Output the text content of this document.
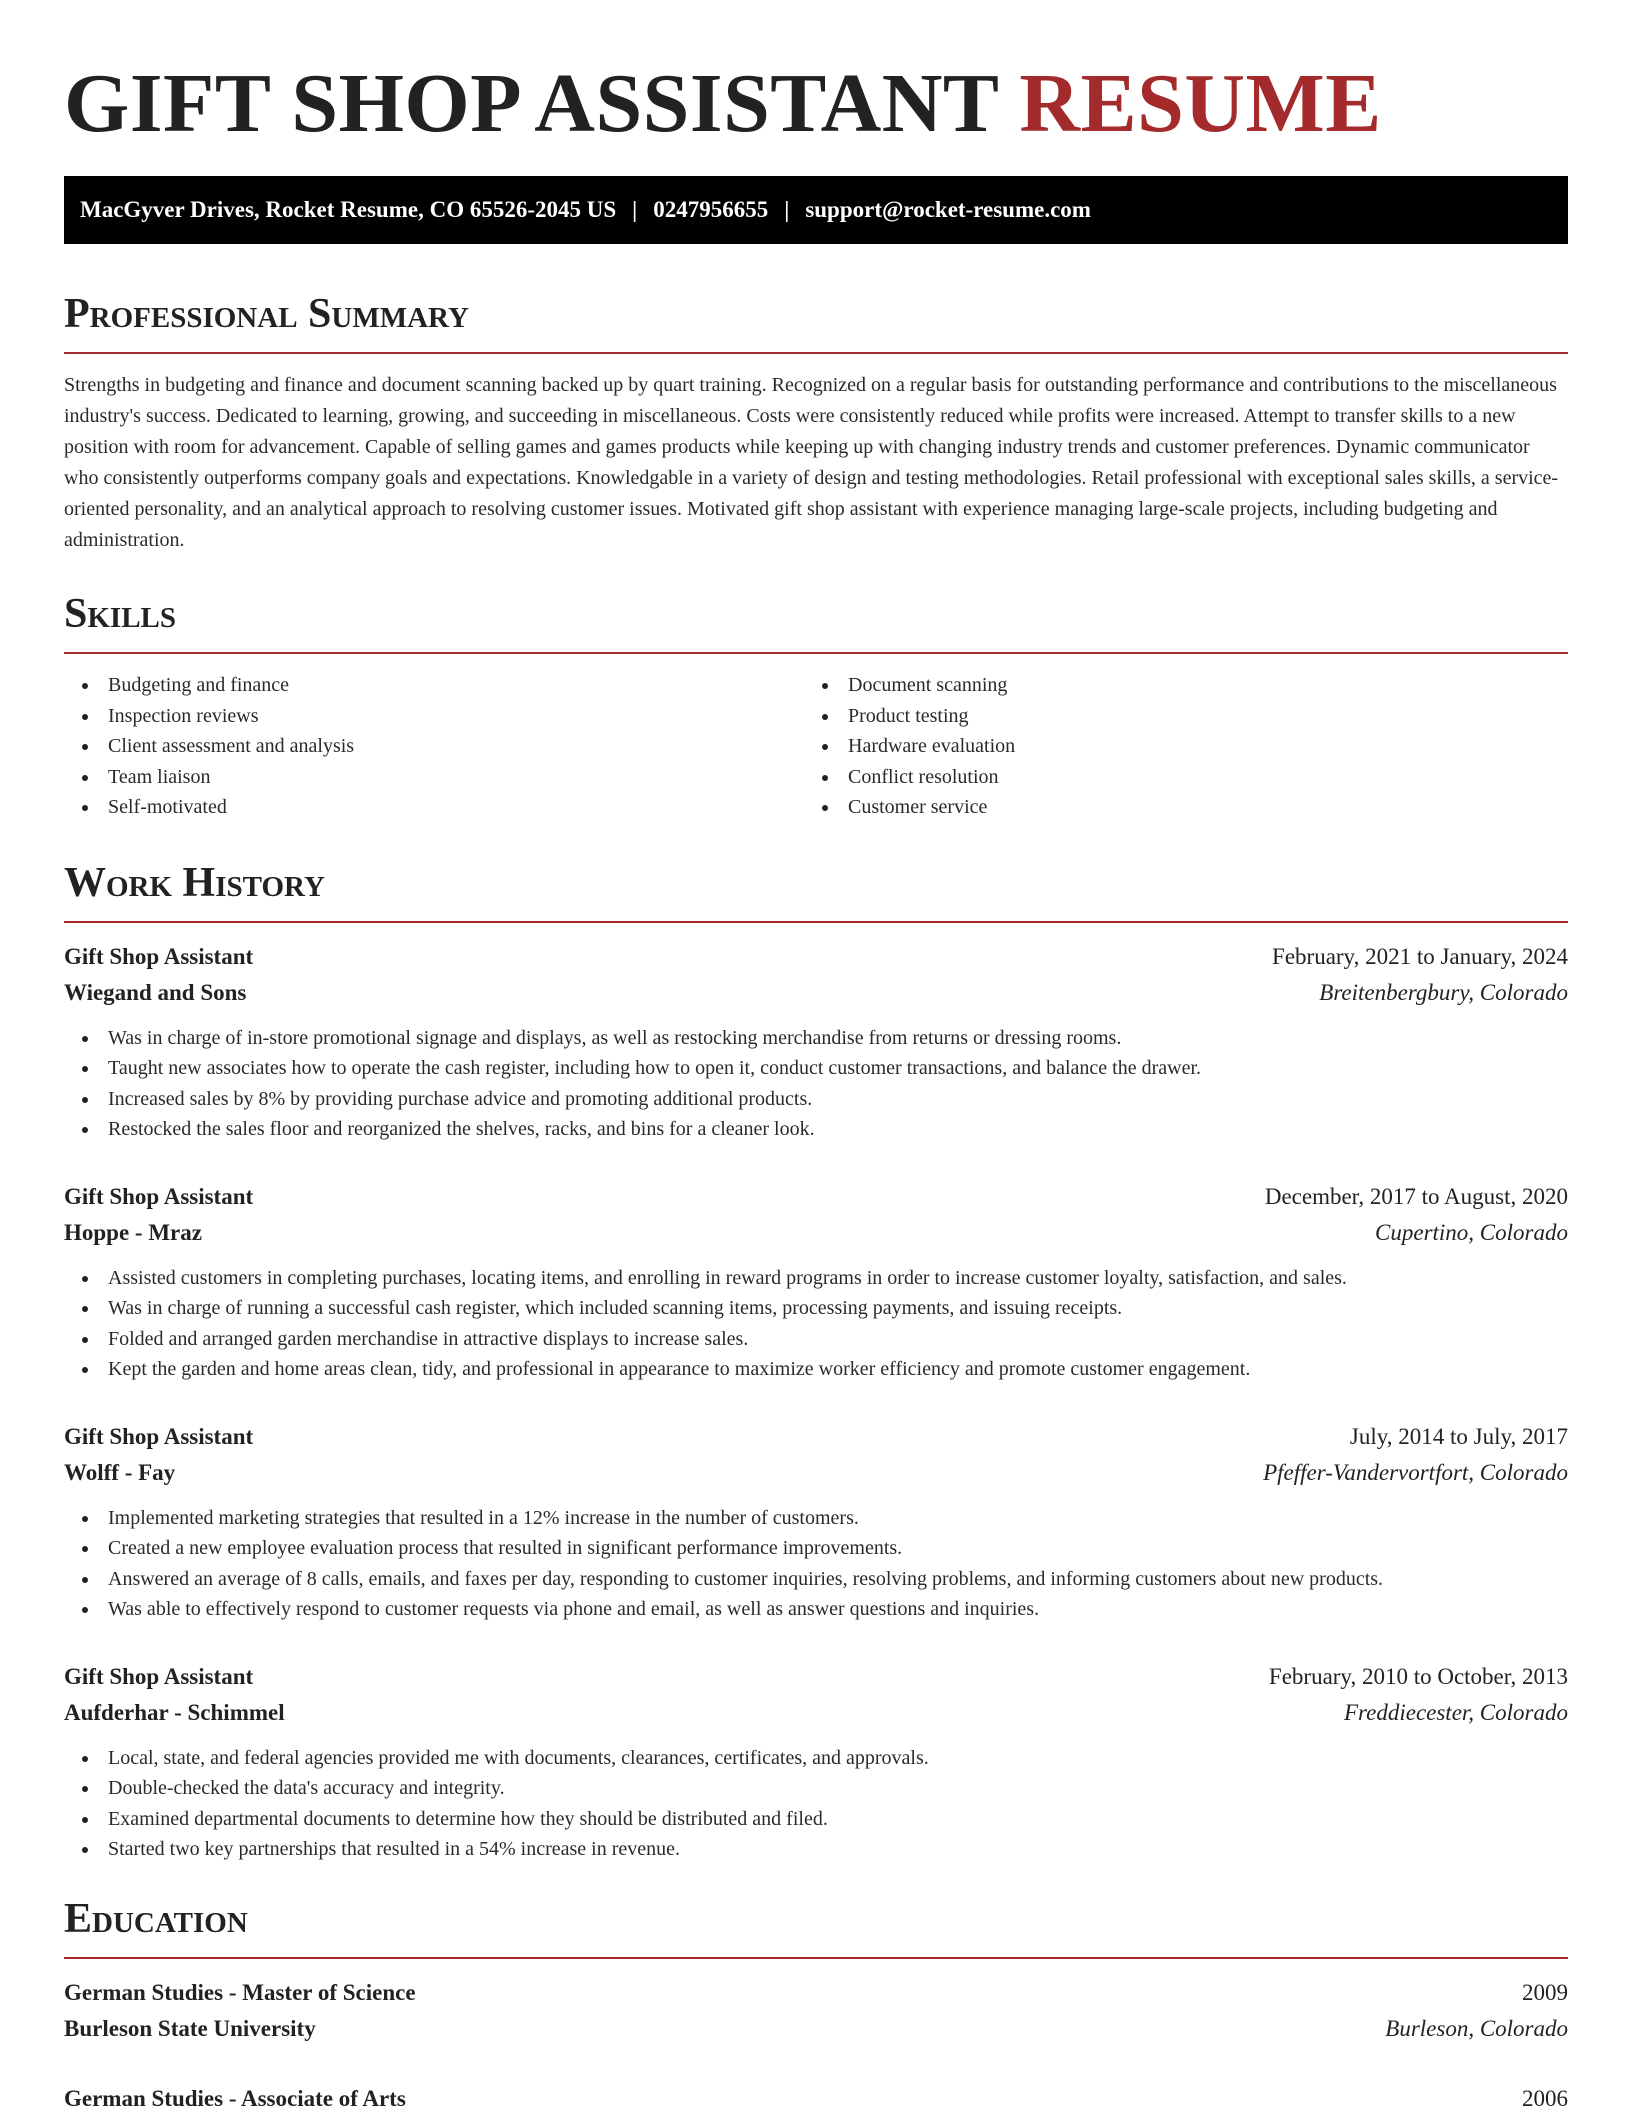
GIFT SHOP ASSISTANT RESUME
MacGyver Drives, Rocket Resume, CO 65526-2045 US | 0247956655 | support@rocket-resume.com
Professional Summary

Strengths in budgeting and finance and document scanning backed up by quart training. Recognized on a regular basis for outstanding performance and contributions to the miscellaneous industry's success. Dedicated to learning, growing, and succeeding in miscellaneous. Costs were consistently reduced while profits were increased. Attempt to transfer skills to a new position with room for advancement. Capable of selling games and games products while keeping up with changing industry trends and customer preferences. Dynamic communicator who consistently outperforms company goals and expectations. Knowledgable in a variety of design and testing methodologies. Retail professional with exceptional sales skills, a service-oriented personality, and an analytical approach to resolving customer issues. Motivated gift shop assistant with experience managing large-scale projects, including budgeting and administration.

Skills
Budgeting and finance
Inspection reviews
Client assessment and analysis
Team liaison
Self-motivated
Document scanning
Product testing
Hardware evaluation
Conflict resolution
Customer service
Work History
Gift Shop Assistant	February, 2021 to January, 2024
Wiegand and Sons	Breitenbergbury, Colorado
Was in charge of in-store promotional signage and displays, as well as restocking merchandise from returns or dressing rooms.
Taught new associates how to operate the cash register, including how to open it, conduct customer transactions, and balance the drawer.
Increased sales by 8% by providing purchase advice and promoting additional products.
Restocked the sales floor and reorganized the shelves, racks, and bins for a cleaner look.
Gift Shop Assistant	December, 2017 to August, 2020
Hoppe - Mraz	Cupertino, Colorado
Assisted customers in completing purchases, locating items, and enrolling in reward programs in order to increase customer loyalty, satisfaction, and sales.
Was in charge of running a successful cash register, which included scanning items, processing payments, and issuing receipts.
Folded and arranged garden merchandise in attractive displays to increase sales.
Kept the garden and home areas clean, tidy, and professional in appearance to maximize worker efficiency and promote customer engagement.
Gift Shop Assistant	July, 2014 to July, 2017
Wolff - Fay	Pfeffer-Vandervortfort, Colorado
Implemented marketing strategies that resulted in a 12% increase in the number of customers.
Created a new employee evaluation process that resulted in significant performance improvements.
Answered an average of 8 calls, emails, and faxes per day, responding to customer inquiries, resolving problems, and informing customers about new products.
Was able to effectively respond to customer requests via phone and email, as well as answer questions and inquiries.
Gift Shop Assistant	February, 2010 to October, 2013
Aufderhar - Schimmel	Freddiecester, Colorado
Local, state, and federal agencies provided me with documents, clearances, certificates, and approvals.
Double-checked the data's accuracy and integrity.
Examined departmental documents to determine how they should be distributed and filed.
Started two key partnerships that resulted in a 54% increase in revenue.
Education
German Studies - Master of Science	2009
Burleson State University	Burleson, Colorado
German Studies - Associate of Arts	2006
